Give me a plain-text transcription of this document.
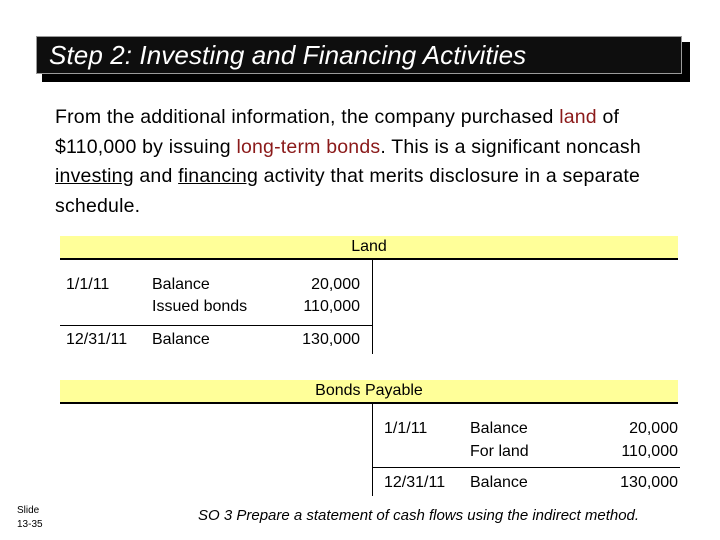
Step 2: Investing and Financing Activities
From the additional information, the company purchased land of $110,000 by issuing long-term bonds. This is a significant noncash investing and financing activity that merits disclosure in a separate schedule.
Land
1/1/11	Balance	20,000
Issued bonds	110,000
12/31/11 Balance	130,000
Bonds Payable
1/1/11	Balance	20,000
For land	110,000
12/31/11 Balance	130,000
Slide
13-35
SO 3 Prepare a statement of cash flows using the indirect method.
